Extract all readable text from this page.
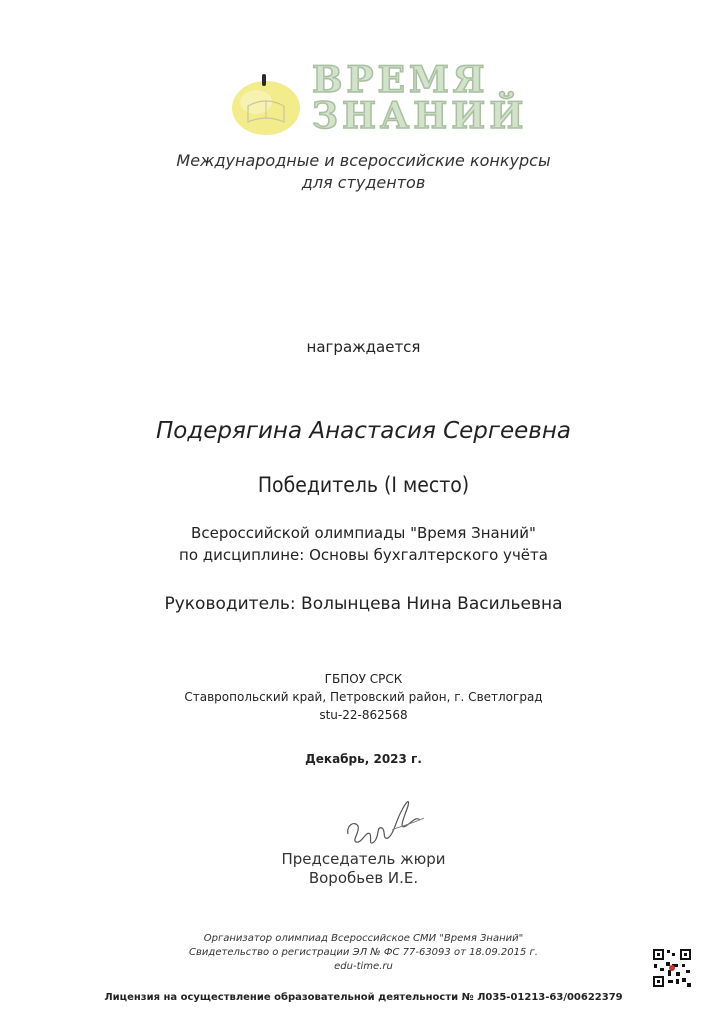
ВРЕМЯ
ЗНАНИЙ
Международные и всероссийские конкурсы
для студентов
награждается
Подерягина Анастасия Сергеевна
Победитель (I место)
Всероссийской олимпиады "Время Знаний"
по дисциплине: Основы бухгалтерского учёта
Руководитель: Волынцева Нина Васильевна
ГБПОУ СРСК
Ставропольский край, Петровский район, г. Светлоград
stu-22-862568
Декабрь, 2023 г.
Председатель жюри
Воробьев И.Е.
Организатор олимпиад Всероссийское СМИ "Время Знаний"
Свидетельство о регистрации ЭЛ № ФС 77-63093 от 18.09.2015 г.
edu-time.ru
Лицензия на осуществление образовательной деятельности № Л035-01213-63/00622379
